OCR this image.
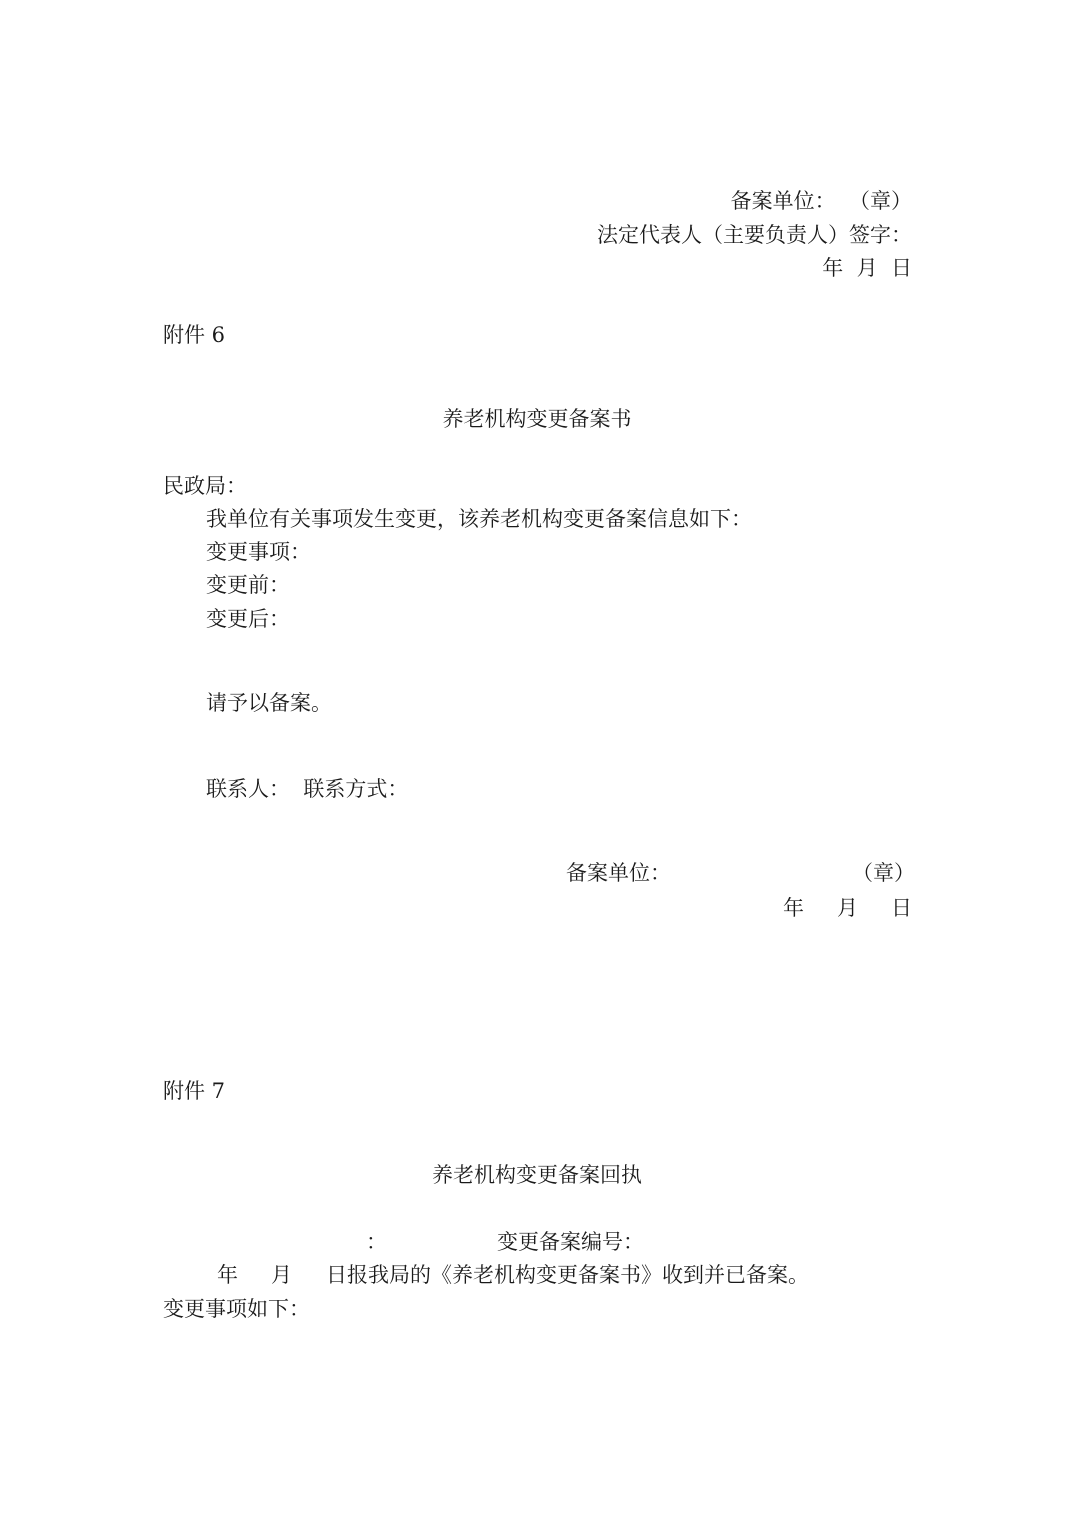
备案单位：  （章）
法定代表人（主要负责人）签字：
年  月  日
附件 6
养老机构变更备案书
民政局：
我单位有关事项发生变更，该养老机构变更备案信息如下：
变更事项：
变更前：
变更后：
请予以备案。
联系人：  联系方式：
备案单位：	（章）
年 月 日
附件 7
养老机构变更备案回执
：	变更备案编号：
年 月 日报我局的《养老机构变更备案书》收到并已备案。
变更事项如下：
